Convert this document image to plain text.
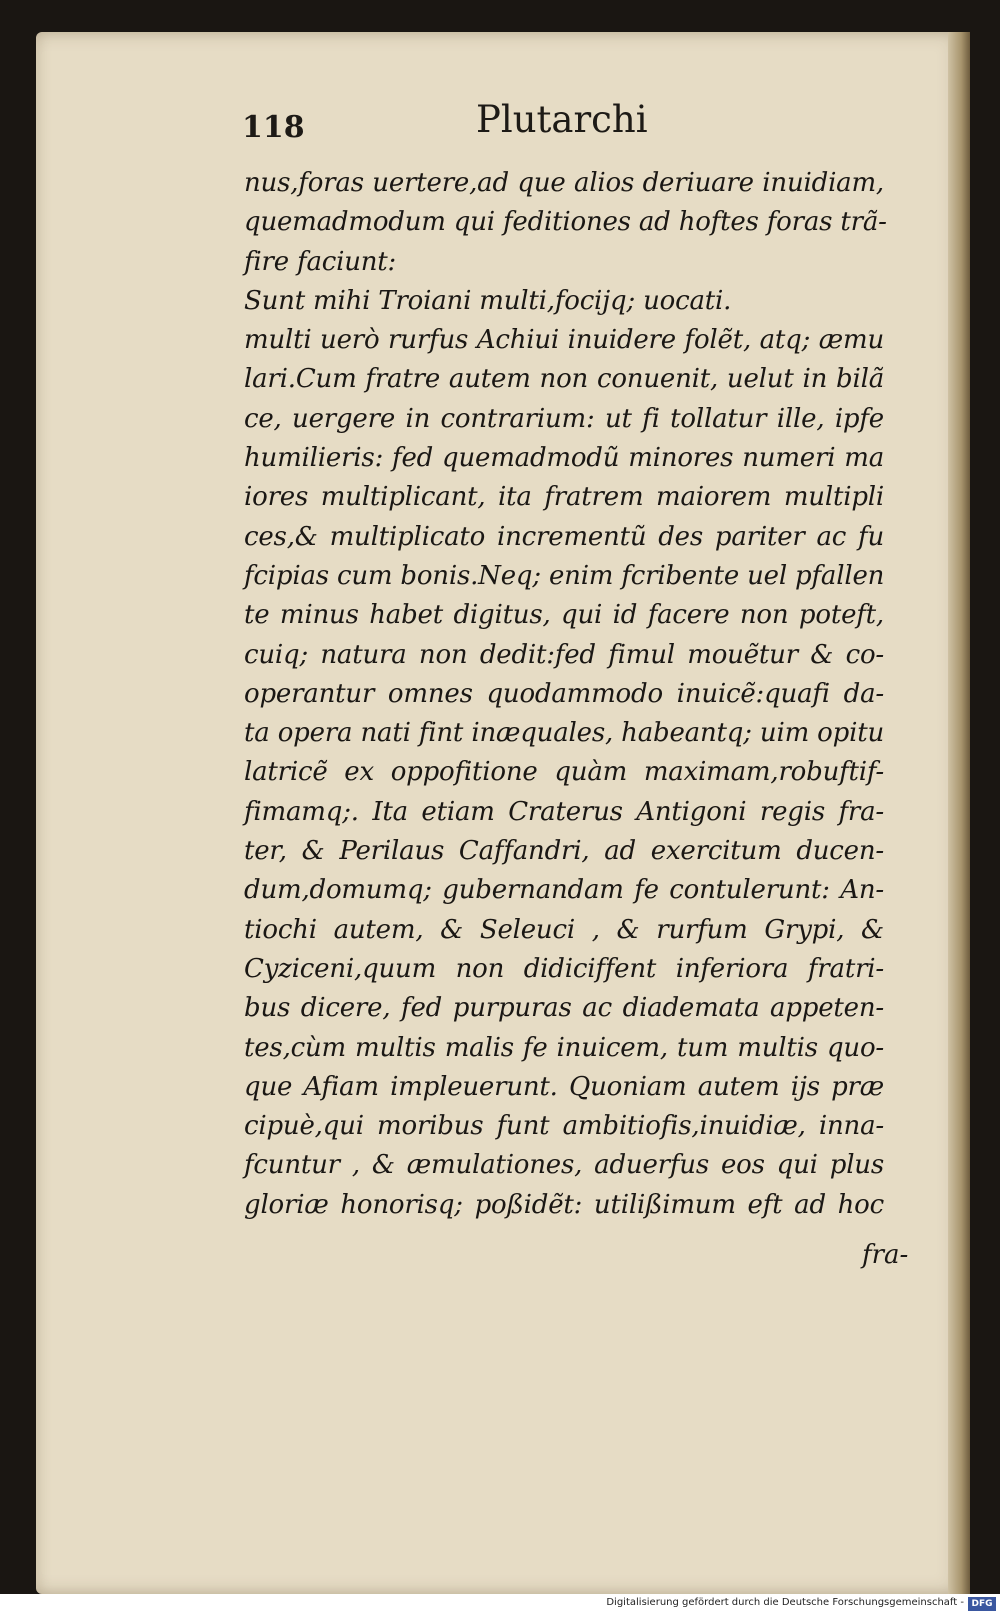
118	Plutarchi
nus,foras uertere,ad que alios deriuare inuidiam,
quemadmodum qui feditiones ad hoftes foras trã-
fire faciunt:
Sunt mihi Troiani multi,focijq; uocati.
multi uerò rurfus Achiui inuidere folẽt, atq; æmu
lari.Cum fratre autem non conuenit, uelut in bilã
ce, uergere in contrarium: ut fi tollatur ille, ipfe
humilieris: fed quemadmodũ minores numeri ma
iores multiplicant, ita fratrem maiorem multipli
ces,& multiplicato incrementũ des pariter ac fu
fcipias cum bonis.Neq; enim fcribente uel pfallen
te minus habet digitus, qui id facere non poteft,
cuiq; natura non dedit:fed fimul mouẽtur & co-
operantur omnes quodammodo inuicẽ:quafi da-
ta opera nati fint inæquales, habeantq; uim opitu
latricẽ ex oppofitione quàm maximam,robuftif-
fimamq;. Ita etiam Craterus Antigoni regis fra-
ter, & Perilaus Caffandri, ad exercitum ducen-
dum,domumq; gubernandam fe contulerunt: An-
tiochi autem, & Seleuci , & rurfum Grypi, &
Cyziceni,quum non didiciffent inferiora fratri-
bus dicere, fed purpuras ac diademata appeten-
tes,cùm multis malis fe inuicem, tum multis quo-
que Afiam impleuerunt. Quoniam autem ijs præ
cipuè,qui moribus funt ambitiofis,inuidiæ, inna-
fcuntur , & æmulationes, aduerfus eos qui plus
gloriæ honorisq; poßidẽt: utilißimum eft ad hoc
fra-
Digitalisierung gefördert durch die Deutsche Forschungsgemeinschaft - DFG
